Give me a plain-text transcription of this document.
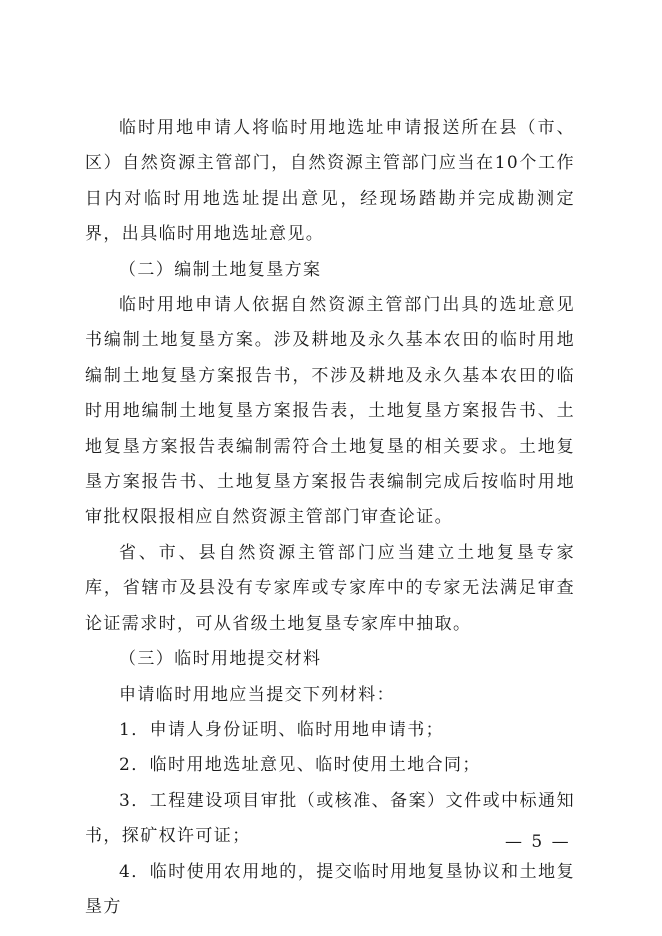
临时用地申请人将临时用地选址申请报送所在县（市、区）自然资源主管部门，自然资源主管部门应当在10个工作日内对临时用地选址提出意见，经现场踏勘并完成勘测定界，出具临时用地选址意见。

（二）编制土地复垦方案

临时用地申请人依据自然资源主管部门出具的选址意见书编制土地复垦方案。涉及耕地及永久基本农田的临时用地编制土地复垦方案报告书，不涉及耕地及永久基本农田的临时用地编制土地复垦方案报告表，土地复垦方案报告书、土地复垦方案报告表编制需符合土地复垦的相关要求。土地复垦方案报告书、土地复垦方案报告表编制完成后按临时用地审批权限报相应自然资源主管部门审查论证。

省、市、县自然资源主管部门应当建立土地复垦专家库，省辖市及县没有专家库或专家库中的专家无法满足审查论证需求时，可从省级土地复垦专家库中抽取。

（三）临时用地提交材料

申请临时用地应当提交下列材料：

1．申请人身份证明、临时用地申请书；

2．临时用地选址意见、临时使用土地合同；

3．工程建设项目审批（或核准、备案）文件或中标通知书，探矿权许可证；

4．临时使用农用地的，提交临时用地复垦协议和土地复垦方

— 5 —
